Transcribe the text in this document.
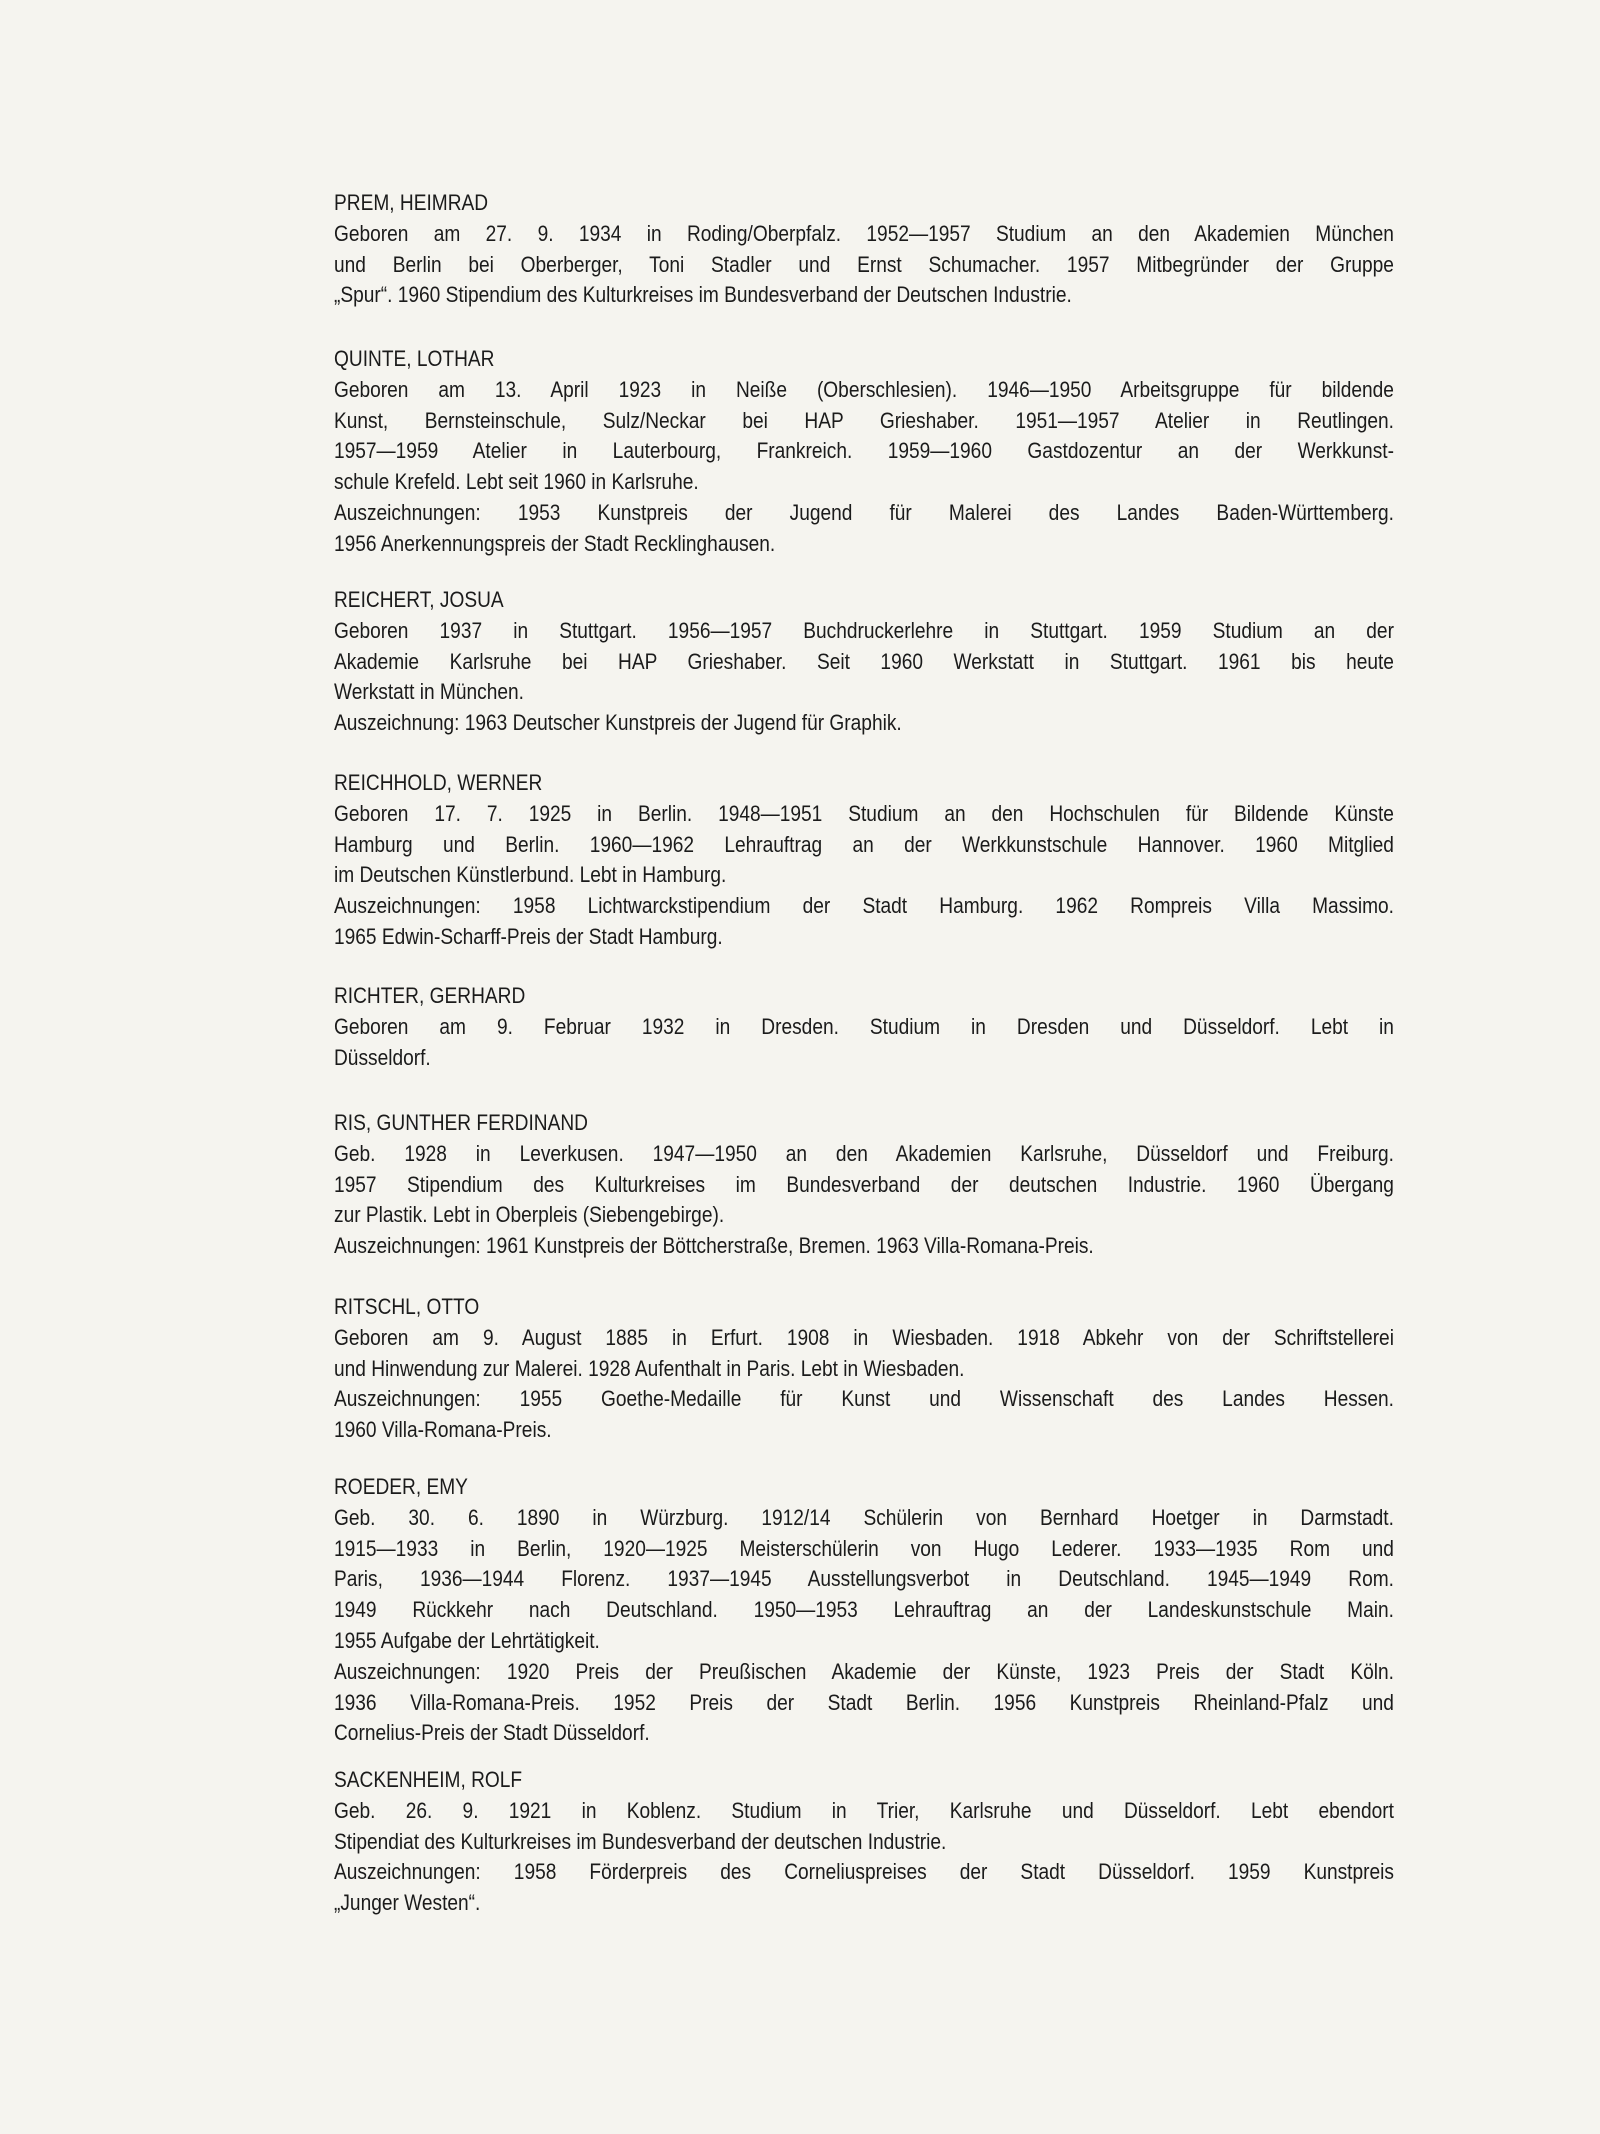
PREM, HEIMRAD
Geboren am 27. 9. 1934 in Roding/Oberpfalz. 1952—1957 Studium an den Akademien München
und Berlin bei Oberberger, Toni Stadler und Ernst Schumacher. 1957 Mitbegründer der Gruppe
„Spur“. 1960 Stipendium des Kulturkreises im Bundesverband der Deutschen Industrie.
QUINTE, LOTHAR
Geboren am 13. April 1923 in Neiße (Oberschlesien). 1946—1950 Arbeitsgruppe für bildende
Kunst, Bernsteinschule, Sulz/Neckar bei HAP Grieshaber. 1951—1957 Atelier in Reutlingen.
1957—1959 Atelier in Lauterbourg, Frankreich. 1959—1960 Gastdozentur an der Werkkunst-
schule Krefeld. Lebt seit 1960 in Karlsruhe.
Auszeichnungen: 1953 Kunstpreis der Jugend für Malerei des Landes Baden-Württemberg.
1956 Anerkennungspreis der Stadt Recklinghausen.
REICHERT, JOSUA
Geboren 1937 in Stuttgart. 1956—1957 Buchdruckerlehre in Stuttgart. 1959 Studium an der
Akademie Karlsruhe bei HAP Grieshaber. Seit 1960 Werkstatt in Stuttgart. 1961 bis heute
Werkstatt in München.
Auszeichnung: 1963 Deutscher Kunstpreis der Jugend für Graphik.
REICHHOLD, WERNER
Geboren 17. 7. 1925 in Berlin. 1948—1951 Studium an den Hochschulen für Bildende Künste
Hamburg und Berlin. 1960—1962 Lehrauftrag an der Werkkunstschule Hannover. 1960 Mitglied
im Deutschen Künstlerbund. Lebt in Hamburg.
Auszeichnungen: 1958 Lichtwarckstipendium der Stadt Hamburg. 1962 Rompreis Villa Massimo.
1965 Edwin-Scharff-Preis der Stadt Hamburg.
RICHTER, GERHARD
Geboren am 9. Februar 1932 in Dresden. Studium in Dresden und Düsseldorf. Lebt in
Düsseldorf.
RIS, GUNTHER FERDINAND
Geb. 1928 in Leverkusen. 1947—1950 an den Akademien Karlsruhe, Düsseldorf und Freiburg.
1957 Stipendium des Kulturkreises im Bundesverband der deutschen Industrie. 1960 Übergang
zur Plastik. Lebt in Oberpleis (Siebengebirge).
Auszeichnungen: 1961 Kunstpreis der Böttcherstraße, Bremen. 1963 Villa-Romana-Preis.
RITSCHL, OTTO
Geboren am 9. August 1885 in Erfurt. 1908 in Wiesbaden. 1918 Abkehr von der Schriftstellerei
und Hinwendung zur Malerei. 1928 Aufenthalt in Paris. Lebt in Wiesbaden.
Auszeichnungen: 1955 Goethe-Medaille für Kunst und Wissenschaft des Landes Hessen.
1960 Villa-Romana-Preis.
ROEDER, EMY
Geb. 30. 6. 1890 in Würzburg. 1912/14 Schülerin von Bernhard Hoetger in Darmstadt.
1915—1933 in Berlin, 1920—1925 Meisterschülerin von Hugo Lederer. 1933—1935 Rom und
Paris, 1936—1944 Florenz. 1937—1945 Ausstellungsverbot in Deutschland. 1945—1949 Rom.
1949 Rückkehr nach Deutschland. 1950—1953 Lehrauftrag an der Landeskunstschule Main.
1955 Aufgabe der Lehrtätigkeit.
Auszeichnungen: 1920 Preis der Preußischen Akademie der Künste, 1923 Preis der Stadt Köln.
1936 Villa-Romana-Preis. 1952 Preis der Stadt Berlin. 1956 Kunstpreis Rheinland-Pfalz und
Cornelius-Preis der Stadt Düsseldorf.
SACKENHEIM, ROLF
Geb. 26. 9. 1921 in Koblenz. Studium in Trier, Karlsruhe und Düsseldorf. Lebt ebendort
Stipendiat des Kulturkreises im Bundesverband der deutschen Industrie.
Auszeichnungen: 1958 Förderpreis des Corneliuspreises der Stadt Düsseldorf. 1959 Kunstpreis
„Junger Westen“.
